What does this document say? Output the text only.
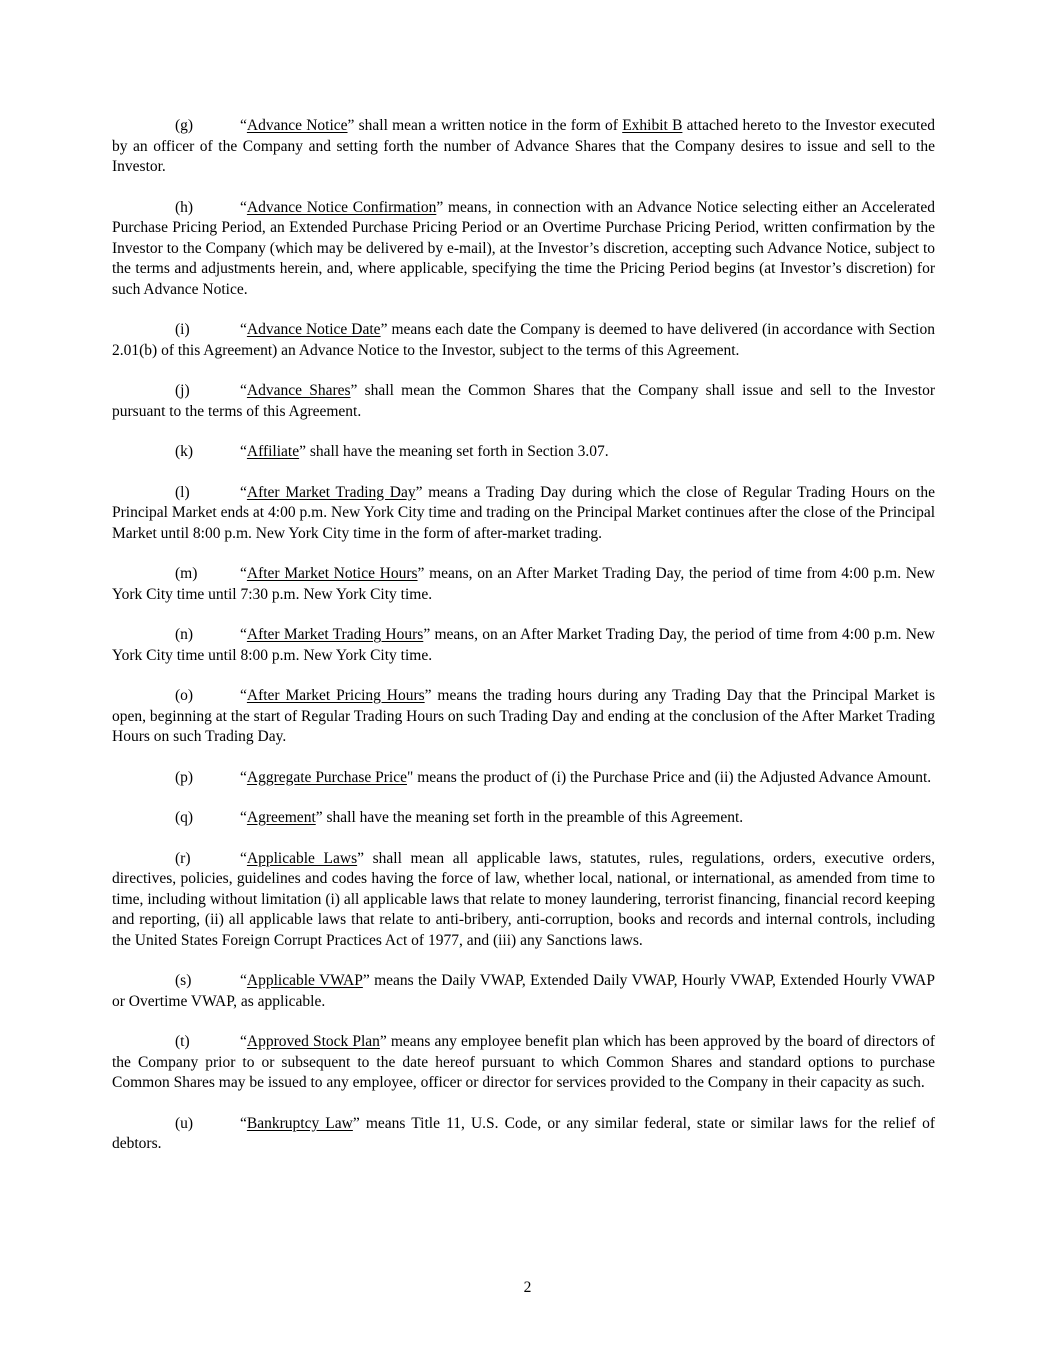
(g)	“Advance Notice” shall mean a written notice in the form of Exhibit B attached hereto to the Investor executed by an officer of the Company and setting forth the number of Advance Shares that the Company desires to issue and sell to the Investor.

(h)	“Advance Notice Confirmation” means, in connection with an Advance Notice selecting either an Accelerated Purchase Pricing Period, an Extended Purchase Pricing Period or an Overtime Purchase Pricing Period, written confirmation by the Investor to the Company (which may be delivered by e-mail), at the Investor’s discretion, accepting such Advance Notice, subject to the terms and adjustments herein, and, where applicable, specifying the time the Pricing Period begins (at Investor’s discretion) for such Advance Notice.

(i)	“Advance Notice Date” means each date the Company is deemed to have delivered (in accordance with Section 2.01(b) of this Agreement) an Advance Notice to the Investor, subject to the terms of this Agreement.

(j)	“Advance Shares” shall mean the Common Shares that the Company shall issue and sell to the Investor pursuant to the terms of this Agreement.

(k)	“Affiliate” shall have the meaning set forth in Section 3.07.

(l)	“After Market Trading Day” means a Trading Day during which the close of Regular Trading Hours on the Principal Market ends at 4:00 p.m. New York City time and trading on the Principal Market continues after the close of the Principal Market until 8:00 p.m. New York City time in the form of after-market trading.

(m)	“After Market Notice Hours” means, on an After Market Trading Day, the period of time from 4:00 p.m. New York City time until 7:30 p.m. New York City time.

(n)	“After Market Trading Hours” means, on an After Market Trading Day, the period of time from 4:00 p.m. New York City time until 8:00 p.m. New York City time.

(o)	“After Market Pricing Hours” means the trading hours during any Trading Day that the Principal Market is open, beginning at the start of Regular Trading Hours on such Trading Day and ending at the conclusion of the After Market Trading Hours on such Trading Day.

(p)	“Aggregate Purchase Price" means the product of (i) the Purchase Price and (ii) the Adjusted Advance Amount.

(q)	“Agreement” shall have the meaning set forth in the preamble of this Agreement.

(r)	“Applicable Laws” shall mean all applicable laws, statutes, rules, regulations, orders, executive orders, directives, policies, guidelines and codes having the force of law, whether local, national, or international, as amended from time to time, including without limitation (i) all applicable laws that relate to money laundering, terrorist financing, financial record keeping and reporting, (ii) all applicable laws that relate to anti-bribery, anti-corruption, books and records and internal controls, including the United States Foreign Corrupt Practices Act of 1977, and (iii) any Sanctions laws.

(s)	“Applicable VWAP” means the Daily VWAP, Extended Daily VWAP, Hourly VWAP, Extended Hourly VWAP or Overtime VWAP, as applicable.

(t)	“Approved Stock Plan” means any employee benefit plan which has been approved by the board of directors of the Company prior to or subsequent to the date hereof pursuant to which Common Shares and standard options to purchase Common Shares may be issued to any employee, officer or director for services provided to the Company in their capacity as such.

(u)	“Bankruptcy Law” means Title 11, U.S. Code, or any similar federal, state or similar laws for the relief of debtors.

2
